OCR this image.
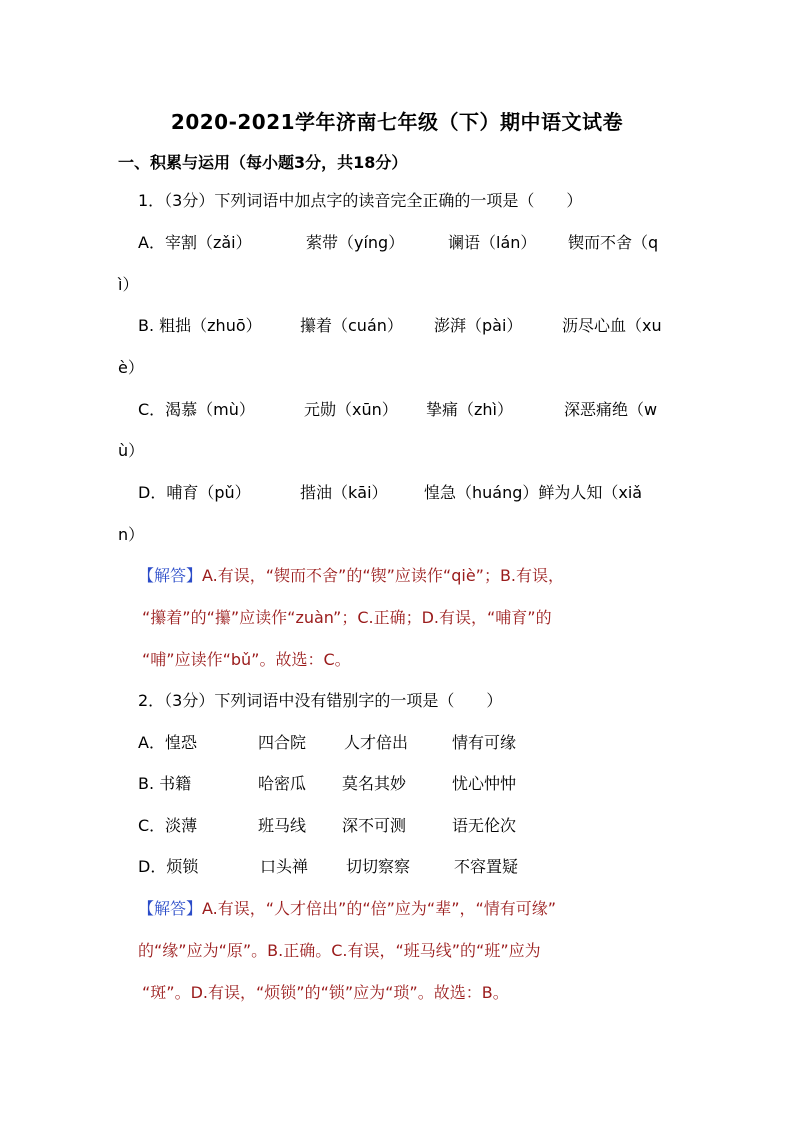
2020-2021学年济南七年级（下）期中语文试卷
一、积累与运用（每小题3分，共18分）
1．（3分）下列词语中加点字的读音完全正确的一项是（　　）
A．宰割（zǎi）	萦带（yíng）	谰语（lán） 锲而不舍（q
ì）
B. 粗拙（zhuō） 攥着（cuán） 澎湃（pài） 沥尽心血（xu
è）
C．渴慕（mù）	元勋（xūn） 挚痛（zhì）	深恶痛绝（w
ù）
D．哺育（pǔ）	揩油（kāi） 惶急（huáng）鲜为人知（xiǎ
n）
【解答】A.有误，“锲而不舍”的“锲”应读作“qiè”；B.有误，
“攥着”的“攥”应读作“zuàn”；C.正确；D.有误，“哺育”的
“哺”应读作“bǔ”。故选：C。
2．（3分）下列词语中没有错别字的一项是（　　）
A．惶恐	四合院 人才倍出	情有可缘
B. 书籍	哈密瓜 莫名其妙	忧心忡忡
C．淡薄	班马线 深不可测	语无伦次
D．烦锁	口头禅 切切察察	不容置疑
【解答】A.有误，“人才倍出”的“倍”应为“辈”，“情有可缘”
的“缘”应为“原”。B.正确。C.有误，“班马线”的“班”应为
“斑”。D.有误，“烦锁”的“锁”应为“琐”。故选：B。
